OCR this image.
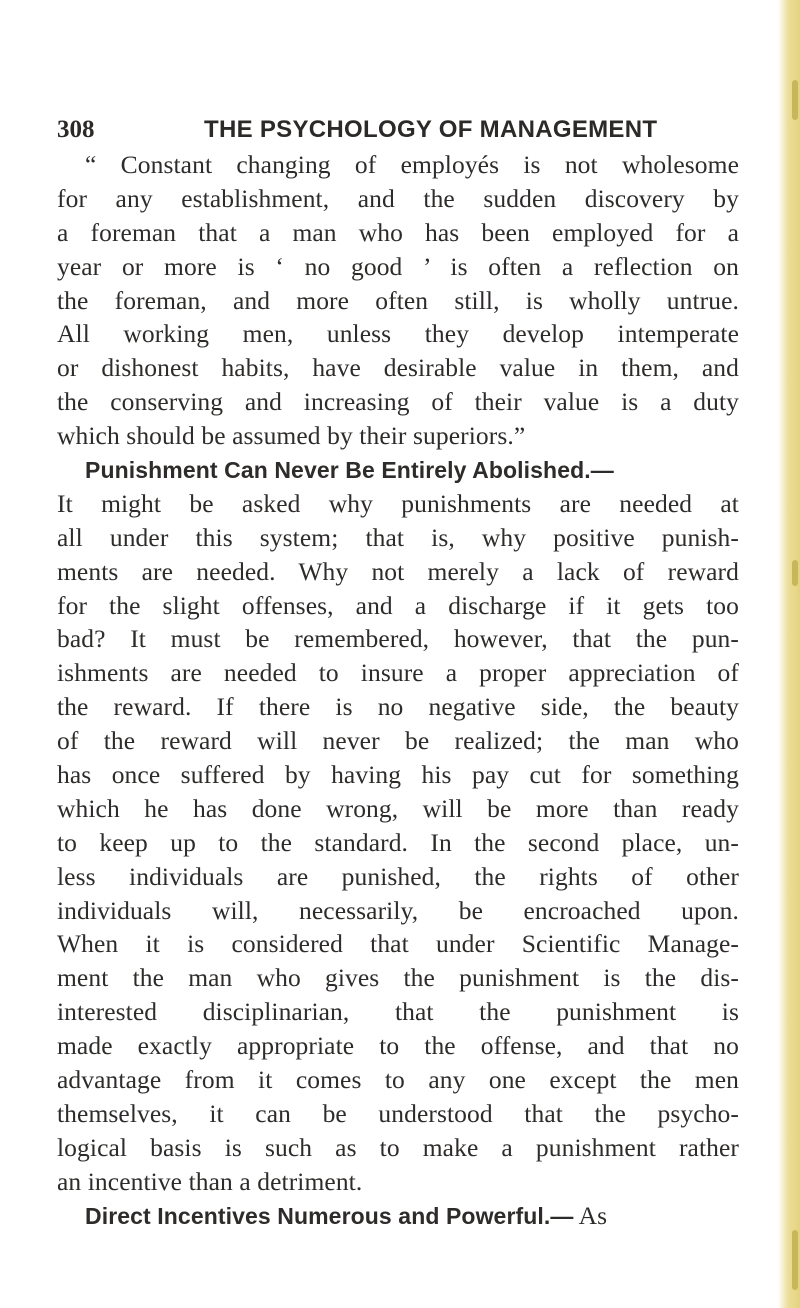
308	THE PSYCHOLOGY OF MANAGEMENT
“ Constant changing of employés is not wholesome
for any establishment, and the sudden discovery by
a foreman that a man who has been employed for a
year or more is ‘ no good ’ is often a reflection on
the foreman, and more often still, is wholly untrue.
All working men, unless they develop intemperate
or dishonest habits, have desirable value in them, and
the conserving and increasing of their value is a duty
which should be assumed by their superiors.”
Punishment Can Never Be Entirely Abolished.—
It might be asked why punishments are needed at
all under this system; that is, why positive punish-
ments are needed. Why not merely a lack of reward
for the slight offenses, and a discharge if it gets too
bad? It must be remembered, however, that the pun-
ishments are needed to insure a proper appreciation of
the reward. If there is no negative side, the beauty
of the reward will never be realized; the man who
has once suffered by having his pay cut for something
which he has done wrong, will be more than ready
to keep up to the standard. In the second place, un-
less individuals are punished, the rights of other
individuals will, necessarily, be encroached upon.
When it is considered that under Scientific Manage-
ment the man who gives the punishment is the dis-
interested disciplinarian, that the punishment is
made exactly appropriate to the offense, and that no
advantage from it comes to any one except the men
themselves, it can be understood that the psycho-
logical basis is such as to make a punishment rather
an incentive than a detriment.
Direct Incentives Numerous and Powerful.— As
